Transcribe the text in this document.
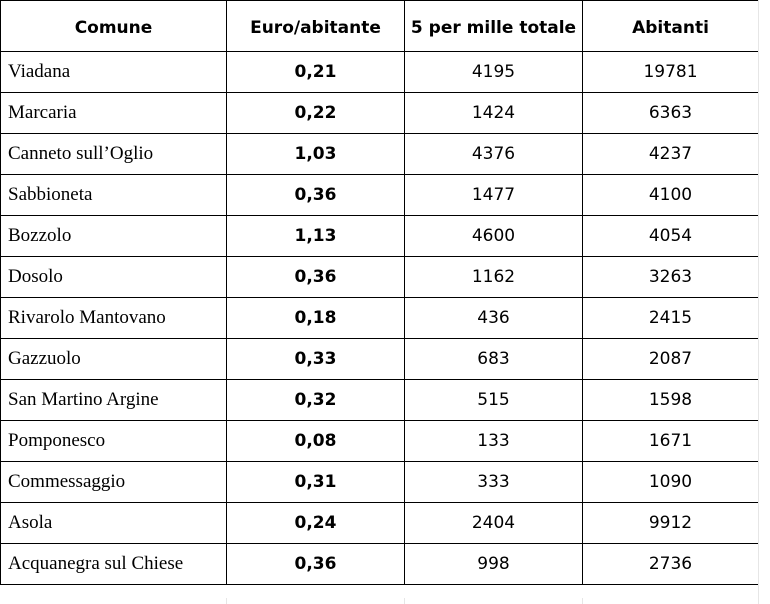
Comune	Euro/abitante	5 per mille totale	Abitanti
Viadana	0,21	4195	19781
Marcaria	0,22	1424	6363
Canneto sull’Oglio	1,03	4376	4237
Sabbioneta	0,36	1477	4100
Bozzolo	1,13	4600	4054
Dosolo	0,36	1162	3263
Rivarolo Mantovano	0,18	436	2415
Gazzuolo	0,33	683	2087
San Martino Argine	0,32	515	1598
Pomponesco	0,08	133	1671
Commessaggio	0,31	333	1090
Asola	0,24	2404	9912
Acquanegra sul Chiese	0,36	998	2736
